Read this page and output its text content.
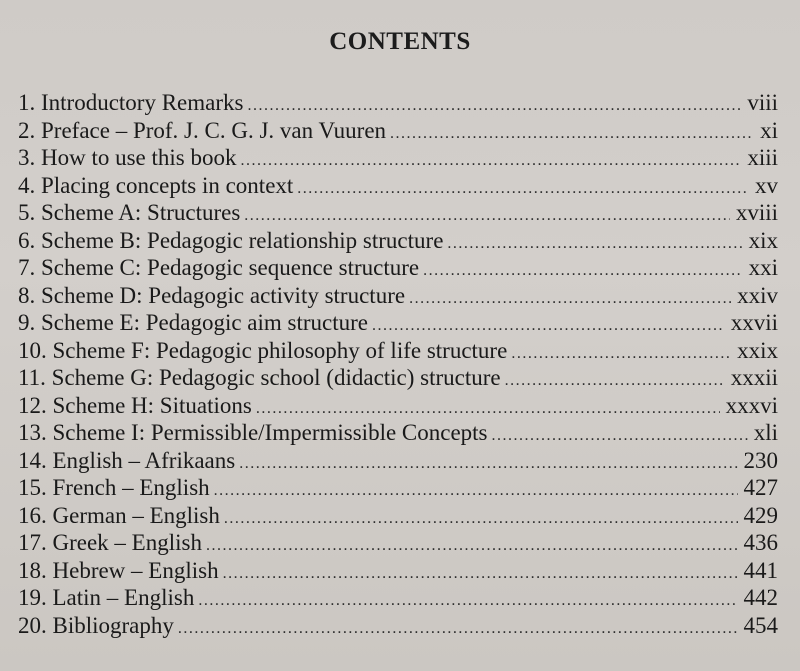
CONTENTS
1. Introductory Remarks .....	viii
2. Preface – Prof. J. C. G. J. van Vuuren .....	xi
3. How to use this book .....	xiii
4. Placing concepts in context .....	xv
5. Scheme A: Structures .....	xviii
6. Scheme B: Pedagogic relationship structure .....	xix
7. Scheme C: Pedagogic sequence structure .....	xxi
8. Scheme D: Pedagogic activity structure .....	xxiv
9. Scheme E: Pedagogic aim structure .....	xxvii
10. Scheme F: Pedagogic philosophy of life structure .....	xxix
11. Scheme G: Pedagogic school (didactic) structure .....	xxxii
12. Scheme H: Situations .....	xxxvi
13. Scheme I: Permissible/Impermissible Concepts .....	xli
14. English – Afrikaans .....	230
15. French – English .....	427
16. German – English .....	429
17. Greek – English .....	436
18. Hebrew – English .....	441
19. Latin – English .....	442
20. Bibliography .....	454
